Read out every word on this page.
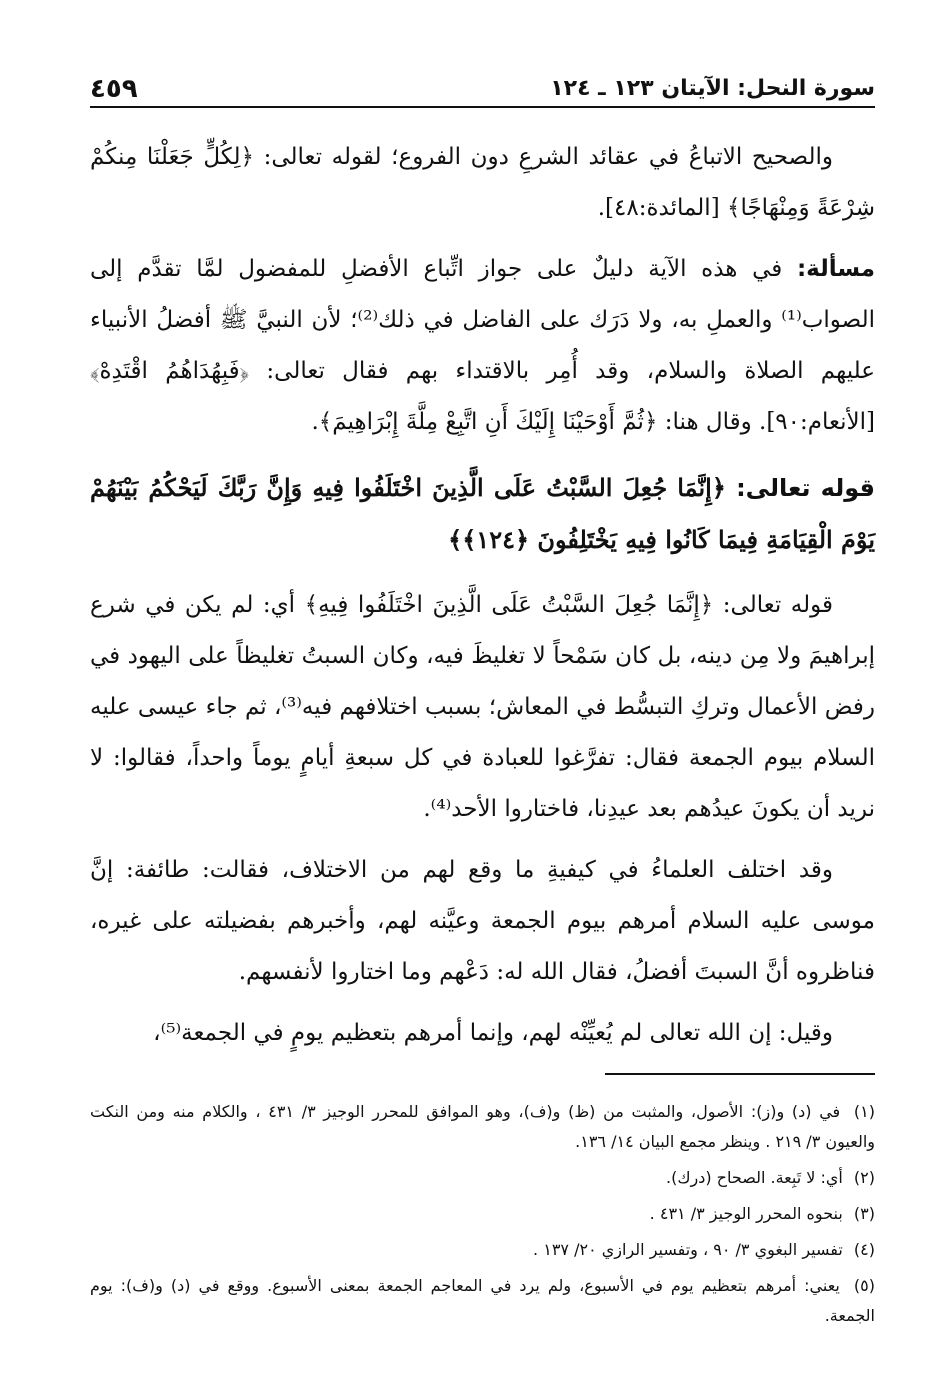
سورة النحل: الآيتان ١٢٣ ـ ١٢٤
٤٥٩

والصحيح الاتباعُ في عقائد الشرعِ دون الفروع؛ لقوله تعالى: ﴿لِكُلٍّ جَعَلْنَا مِنكُمْ شِرْعَةً وَمِنْهَاجًا﴾ [المائدة:٤٨].

مسألة: في هذه الآية دليلٌ على جواز اتِّباع الأفضلِ للمفضول لمَّا تقدَّم إلى الصواب⁽¹⁾ والعملِ به، ولا دَرَك على الفاضل في ذلك⁽²⁾؛ لأن النبيَّ ﷺ أفضلُ الأنبياء عليهم الصلاة والسلام، وقد أُمِر بالاقتداء بهم فقال تعالى: ﴿فَبِهُدَاهُمُ اقْتَدِهْ﴾ [الأنعام:٩٠]. وقال هنا: ﴿ثُمَّ أَوْحَيْنَا إِلَيْكَ أَنِ اتَّبِعْ مِلَّةَ إِبْرَاهِيمَ﴾.

قوله تعالى: ﴿إِنَّمَا جُعِلَ السَّبْتُ عَلَى الَّذِينَ اخْتَلَفُوا فِيهِ وَإِنَّ رَبَّكَ لَيَحْكُمُ بَيْنَهُمْ يَوْمَ الْقِيَامَةِ فِيمَا كَانُوا فِيهِ يَخْتَلِفُونَ ﴿١٢٤﴾﴾

قوله تعالى: ﴿إِنَّمَا جُعِلَ السَّبْتُ عَلَى الَّذِينَ اخْتَلَفُوا فِيهِ﴾ أي: لم يكن في شرع إبراهيمَ ولا مِن دينه، بل كان سَمْحاً لا تغليظَ فيه، وكان السبتُ تغليظاً على اليهود في رفض الأعمال وتركِ التبسُّط في المعاش؛ بسبب اختلافهم فيه⁽³⁾، ثم جاء عيسى عليه السلام بيوم الجمعة فقال: تفرَّغوا للعبادة في كل سبعةِ أيامٍ يوماً واحداً، فقالوا: لا نريد أن يكونَ عيدُهم بعد عيدِنا، فاختاروا الأحد⁽⁴⁾.

وقد اختلف العلماءُ في كيفيةِ ما وقع لهم من الاختلاف، فقالت: طائفة: إنَّ موسى عليه السلام أمرهم بيوم الجمعة وعيَّنه لهم، وأخبرهم بفضيلته على غيره، فناظروه أنَّ السبتَ أفضلُ، فقال الله له: دَعْهم وما اختاروا لأنفسهم.

وقيل: إن الله تعالى لم يُعيِّنْه لهم، وإنما أمرهم بتعظيم يومٍ في الجمعة⁽⁵⁾،

(١) في (د) و(ز): الأصول، والمثبت من (ظ) و(ف)، وهو الموافق للمحرر الوجيز ٣/ ٤٣١ ، والكلام منه ومن النكت والعيون ٣/ ٢١٩ . وينظر مجمع البيان ١٤/ ١٣٦.

(٢) أي: لا تَبِعة. الصحاح (درك).

(٣) بنحوه المحرر الوجيز ٣/ ٤٣١ .

(٤) تفسير البغوي ٣/ ٩٠ ، وتفسير الرازي ٢٠/ ١٣٧ .

(٥) يعني: أمرهم بتعظيم يوم في الأسبوع، ولم يرد في المعاجم الجمعة بمعنى الأسبوع. ووقع في (د) و(ف): يوم الجمعة.
